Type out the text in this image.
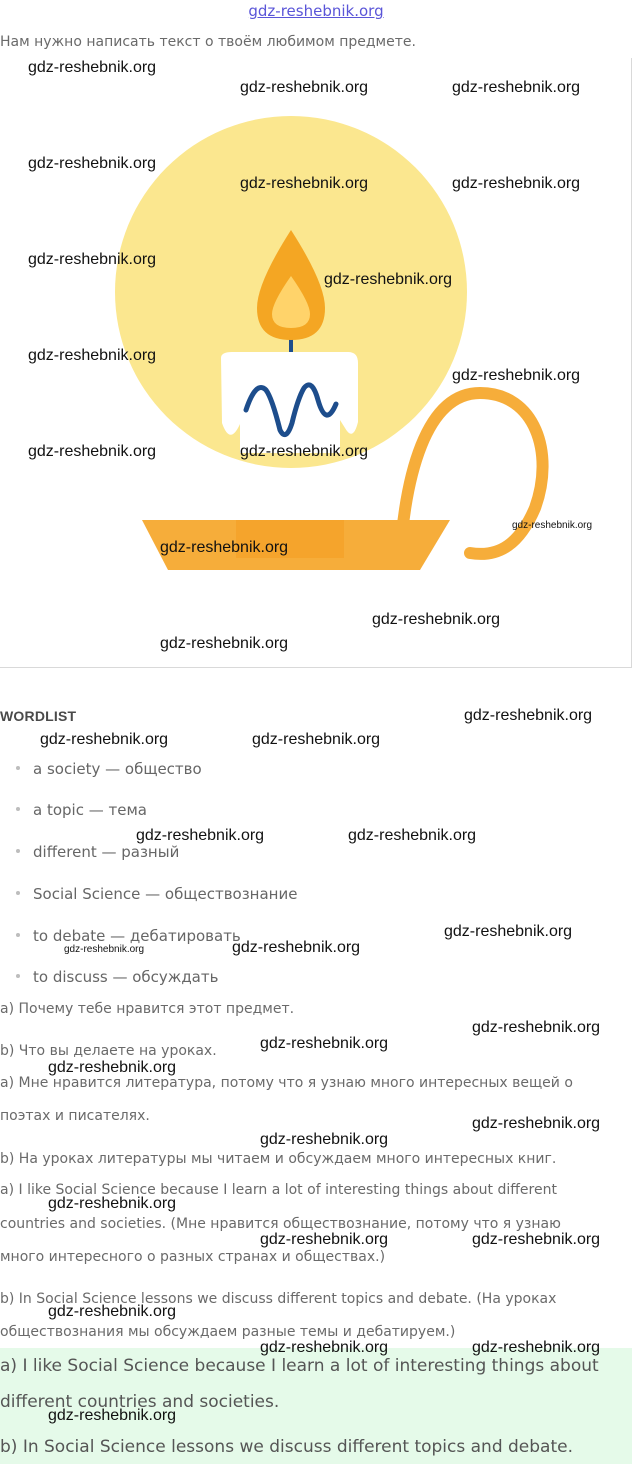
gdz-reshebnik.org
Нам нужно написать текст о твоём любимом предмете.
WORDLIST
a society — общество
a topic — тема
different — разный
Social Science — обществознание
to debate — дебатировать
to discuss — обсуждать
a) Почему тебе нравится этот предмет.
b) Что вы делаете на уроках.
a) Мне нравится литература, потому что я узнаю много интересных вещей о
поэтах и писателях.
b) На уроках литературы мы читаем и обсуждаем много интересных книг.
a) I like Social Science because I learn a lot of interesting things about different
countries and societies. (Мне нравится обществознание, потому что я узнаю
много интересного о разных странах и обществах.)
b) In Social Science lessons we discuss different topics and debate. (На уроках
обществознания мы обсуждаем разные темы и дебатируем.)
a) I like Social Science because I learn a lot of interesting things about
different countries and societies.
b) In Social Science lessons we discuss different topics and debate.
gdz-reshebnik.org
gdz-reshebnik.org	gdz-reshebnik.org
gdz-reshebnik.org
gdz-reshebnik.org	gdz-reshebnik.org
gdz-reshebnik.org
gdz-reshebnik.org
gdz-reshebnik.org
gdz-reshebnik.org
gdz-reshebnik.org	gdz-reshebnik.org
gdz-reshebnik.org
gdz-reshebnik.org
gdz-reshebnik.org
gdz-reshebnik.org
gdz-reshebnik.org
gdz-reshebnik.org	gdz-reshebnik.org
gdz-reshebnik.org	gdz-reshebnik.org
gdz-reshebnik.org
gdz-reshebnik.org	gdz-reshebnik.org
gdz-reshebnik.org
gdz-reshebnik.org
gdz-reshebnik.org
gdz-reshebnik.org
gdz-reshebnik.org
gdz-reshebnik.org
gdz-reshebnik.org	gdz-reshebnik.org
gdz-reshebnik.org
gdz-reshebnik.org	gdz-reshebnik.org
gdz-reshebnik.org
